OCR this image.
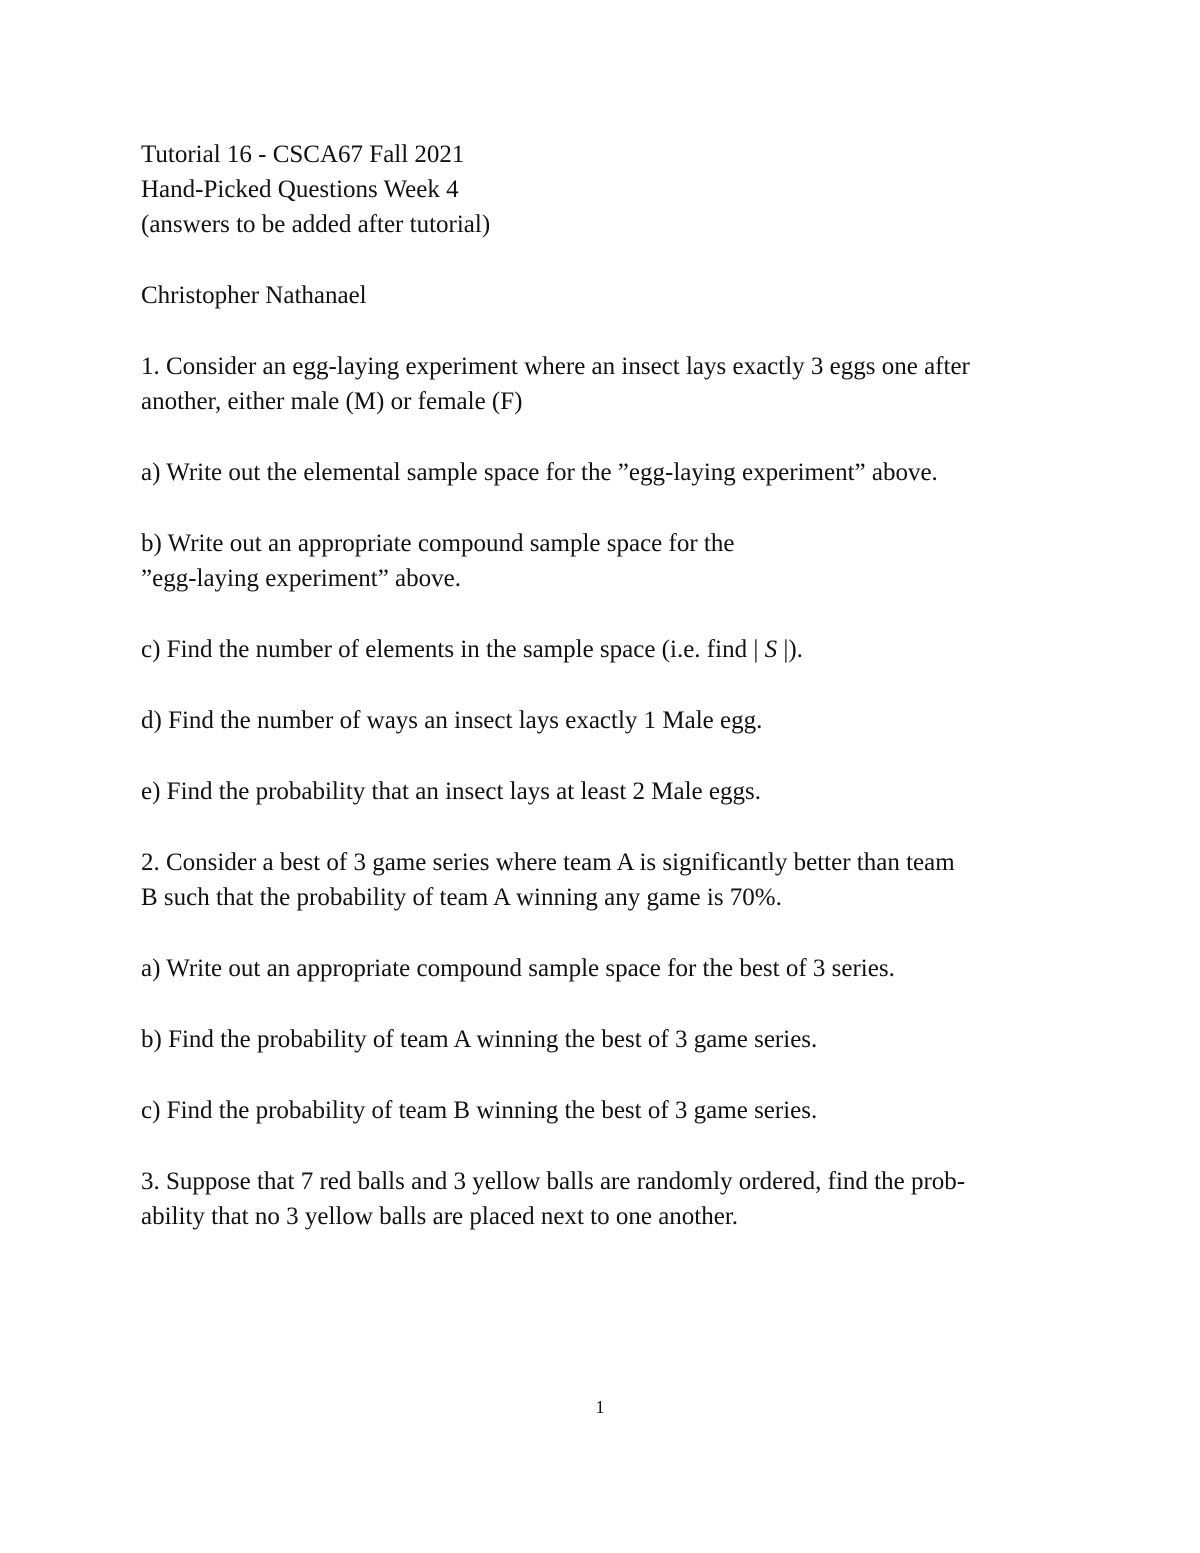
Tutorial 16 - CSCA67 Fall 2021
Hand-Picked Questions Week 4
(answers to be added after tutorial)
Christopher Nathanael
1. Consider an egg-laying experiment where an insect lays exactly 3 eggs one after
another, either male (M) or female (F)
a) Write out the elemental sample space for the ”egg-laying experiment” above.
b) Write out an appropriate compound sample space for the
”egg-laying experiment” above.
c) Find the number of elements in the sample space (i.e. find | S |).
d) Find the number of ways an insect lays exactly 1 Male egg.
e) Find the probability that an insect lays at least 2 Male eggs.
2. Consider a best of 3 game series where team A is significantly better than team
B such that the probability of team A winning any game is 70%.
a) Write out an appropriate compound sample space for the best of 3 series.
b) Find the probability of team A winning the best of 3 game series.
c) Find the probability of team B winning the best of 3 game series.
3. Suppose that 7 red balls and 3 yellow balls are randomly ordered, find the prob-
ability that no 3 yellow balls are placed next to one another.
1
